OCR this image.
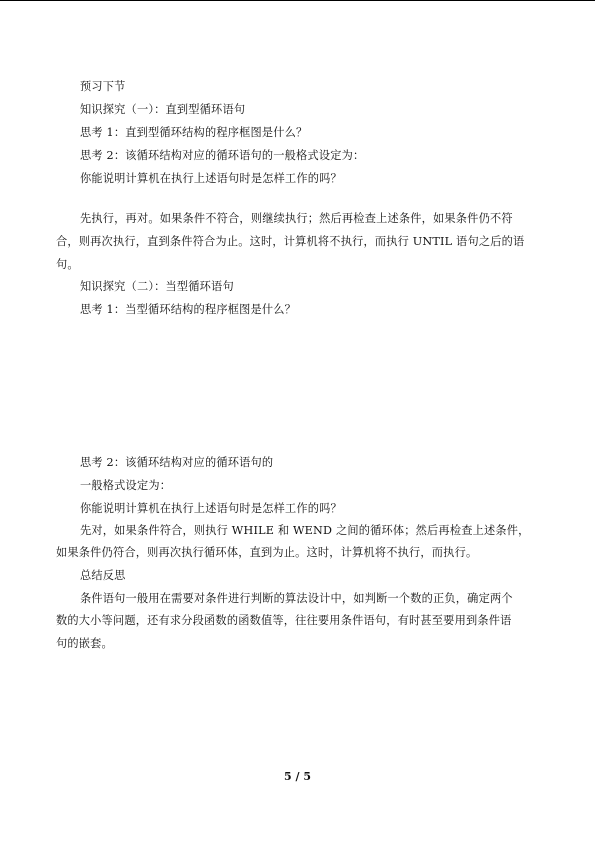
预习下节
知识探究（一）：直到型循环语句
思考 1：直到型循环结构的程序框图是什么？
思考 2：该循环结构对应的循环语句的一般格式设定为：
你能说明计算机在执行上述语句时是怎样工作的吗？
先执行，再对。如果条件不符合，则继续执行；然后再检查上述条件，如果条件仍不符
合，则再次执行，直到条件符合为止。这时，计算机将不执行，而执行 UNTIL 语句之后的语
句。
知识探究（二）：当型循环语句
思考 1：当型循环结构的程序框图是什么？
思考 2：该循环结构对应的循环语句的
一般格式设定为：
你能说明计算机在执行上述语句时是怎样工作的吗？
先对，如果条件符合，则执行 WHILE 和 WEND 之间的循环体；然后再检查上述条件，
如果条件仍符合，则再次执行循环体，直到为止。这时，计算机将不执行，而执行。
总结反思
条件语句一般用在需要对条件进行判断的算法设计中，如判断一个数的正负，确定两个
数的大小等问题，还有求分段函数的函数值等，往往要用条件语句，有时甚至要用到条件语
句的嵌套。
5 / 5
